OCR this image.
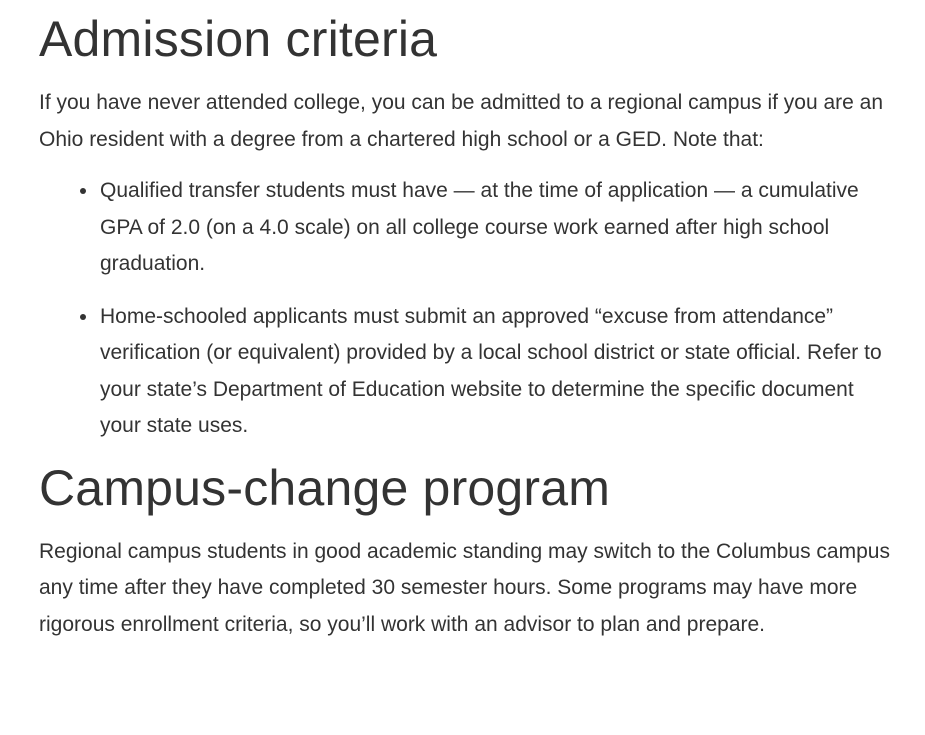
Admission criteria

If you have never attended college, you can be admitted to a regional campus if you are an Ohio resident with a degree from a chartered high school or a GED. Note that:

Qualified transfer students must have — at the time of application — a cumulative GPA of 2.0 (on a 4.0 scale) on all college course work earned after high school graduation.
Home-schooled applicants must submit an approved “excuse from attendance” verification (or equivalent) provided by a local school district or state official. Refer to your state’s Department of Education website to determine the specific document your state uses.
Campus-change program

Regional campus students in good academic standing may switch to the Columbus campus any time after they have completed 30 semester hours. Some programs may have more rigorous enrollment criteria, so you’ll work with an advisor to plan and prepare.
